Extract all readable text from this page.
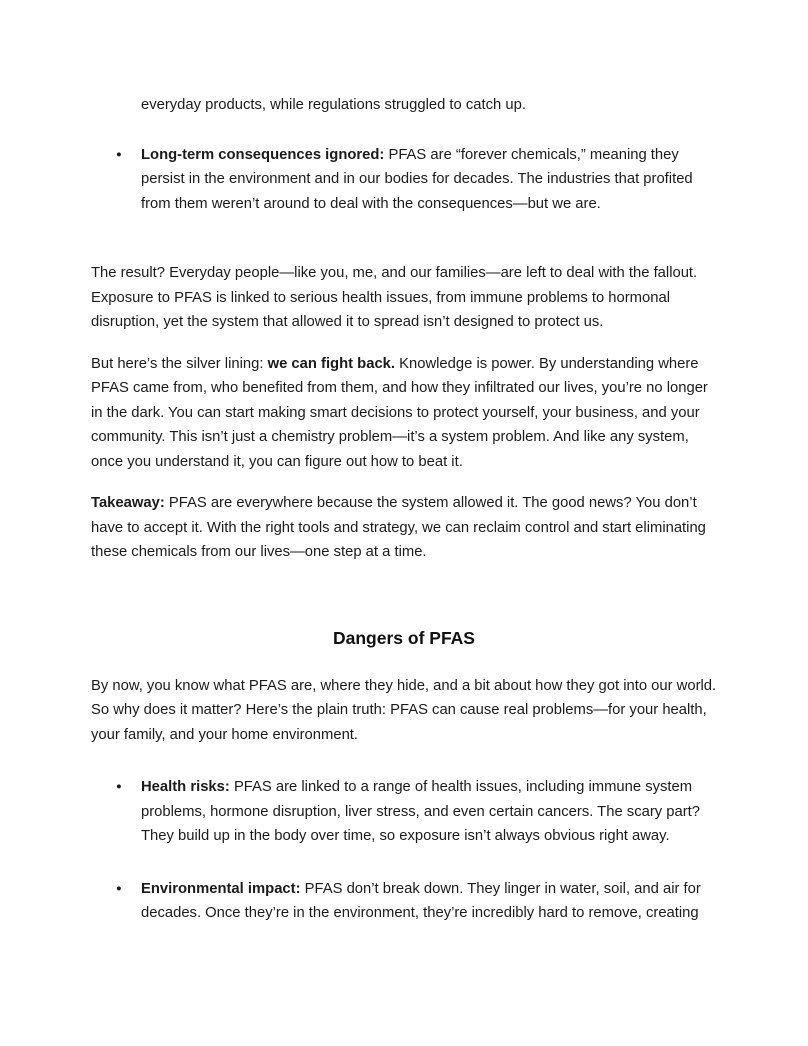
everyday products, while regulations struggled to catch up.

●	Long-term consequences ignored: PFAS are “forever chemicals,” meaning they persist in the environment and in our bodies for decades. The industries that profited from them weren’t around to deal with the consequences—but we are.

The result? Everyday people—like you, me, and our families—are left to deal with the fallout. Exposure to PFAS is linked to serious health issues, from immune problems to hormonal disruption, yet the system that allowed it to spread isn’t designed to protect us.

But here’s the silver lining: we can fight back. Knowledge is power. By understanding where PFAS came from, who benefited from them, and how they infiltrated our lives, you’re no longer in the dark. You can start making smart decisions to protect yourself, your business, and your community. This isn’t just a chemistry problem—it’s a system problem. And like any system, once you understand it, you can figure out how to beat it.

Takeaway: PFAS are everywhere because the system allowed it. The good news? You don’t have to accept it. With the right tools and strategy, we can reclaim control and start eliminating these chemicals from our lives—one step at a time.

Dangers of PFAS

By now, you know what PFAS are, where they hide, and a bit about how they got into our world. So why does it matter? Here’s the plain truth: PFAS can cause real problems—for your health, your family, and your home environment.

●	Health risks: PFAS are linked to a range of health issues, including immune system problems, hormone disruption, liver stress, and even certain cancers. The scary part? They build up in the body over time, so exposure isn’t always obvious right away.

●	Environmental impact: PFAS don’t break down. They linger in water, soil, and air for decades. Once they’re in the environment, they’re incredibly hard to remove, creating
